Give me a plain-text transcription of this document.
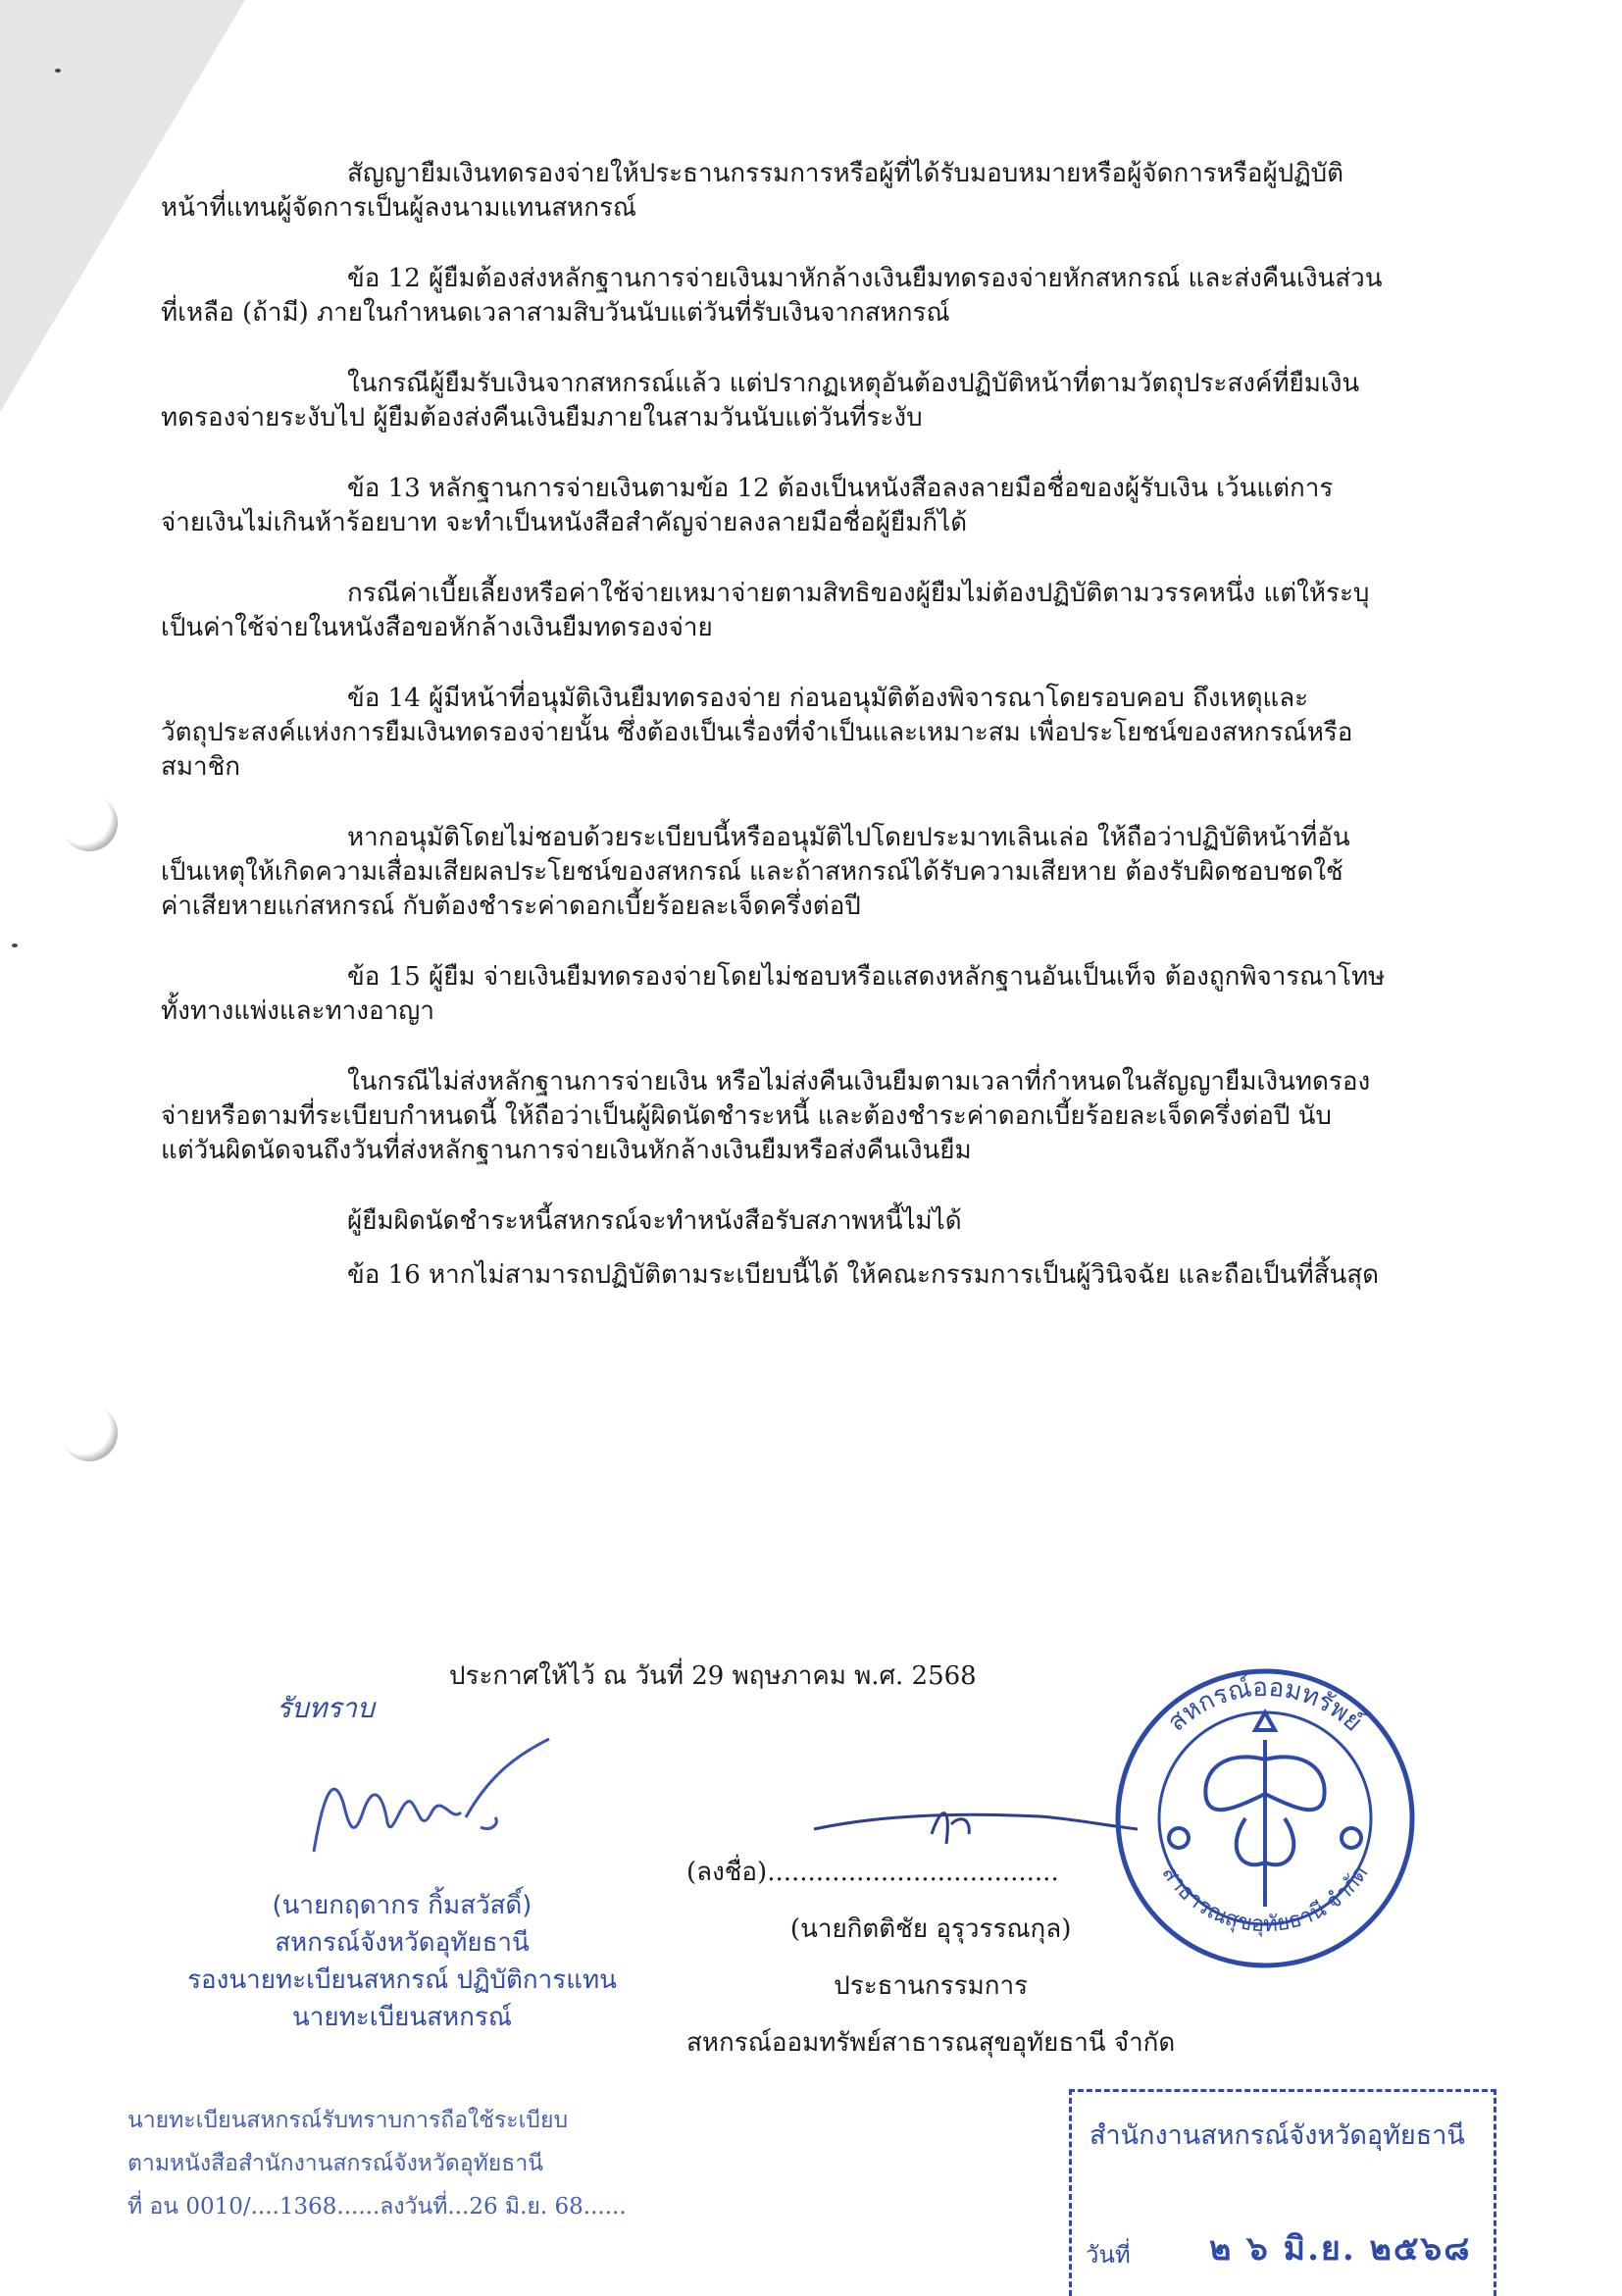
สัญญายืมเงินทดรองจ่ายให้ประธานกรรมการหรือผู้ที่ได้รับมอบหมายหรือผู้จัดการหรือผู้ปฏิบัติ
หน้าที่แทนผู้จัดการเป็นผู้ลงนามแทนสหกรณ์
ข้อ 12 ผู้ยืมต้องส่งหลักฐานการจ่ายเงินมาหักล้างเงินยืมทดรองจ่ายหักสหกรณ์ และส่งคืนเงินส่วน
ที่เหลือ (ถ้ามี) ภายในกำหนดเวลาสามสิบวันนับแต่วันที่รับเงินจากสหกรณ์
ในกรณีผู้ยืมรับเงินจากสหกรณ์แล้ว แต่ปรากฏเหตุอันต้องปฏิบัติหน้าที่ตามวัตถุประสงค์ที่ยืมเงิน
ทดรองจ่ายระงับไป ผู้ยืมต้องส่งคืนเงินยืมภายในสามวันนับแต่วันที่ระงับ
ข้อ 13 หลักฐานการจ่ายเงินตามข้อ 12 ต้องเป็นหนังสือลงลายมือชื่อของผู้รับเงิน เว้นแต่การ
จ่ายเงินไม่เกินห้าร้อยบาท จะทำเป็นหนังสือสำคัญจ่ายลงลายมือชื่อผู้ยืมก็ได้
กรณีค่าเบี้ยเลี้ยงหรือค่าใช้จ่ายเหมาจ่ายตามสิทธิของผู้ยืมไม่ต้องปฏิบัติตามวรรคหนึ่ง แต่ให้ระบุ
เป็นค่าใช้จ่ายในหนังสือขอหักล้างเงินยืมทดรองจ่าย
ข้อ 14 ผู้มีหน้าที่อนุมัติเงินยืมทดรองจ่าย ก่อนอนุมัติต้องพิจารณาโดยรอบคอบ ถึงเหตุและ
วัตถุประสงค์แห่งการยืมเงินทดรองจ่ายนั้น ซึ่งต้องเป็นเรื่องที่จำเป็นและเหมาะสม เพื่อประโยชน์ของสหกรณ์หรือ
สมาชิก
หากอนุมัติโดยไม่ชอบด้วยระเบียบนี้หรืออนุมัติไปโดยประมาทเลินเล่อ ให้ถือว่าปฏิบัติหน้าที่อัน
เป็นเหตุให้เกิดความเสื่อมเสียผลประโยชน์ของสหกรณ์ และถ้าสหกรณ์ได้รับความเสียหาย ต้องรับผิดชอบชดใช้
ค่าเสียหายแก่สหกรณ์ กับต้องชำระค่าดอกเบี้ยร้อยละเจ็ดครึ่งต่อปี
ข้อ 15 ผู้ยืม จ่ายเงินยืมทดรองจ่ายโดยไม่ชอบหรือแสดงหลักฐานอันเป็นเท็จ ต้องถูกพิจารณาโทษ
ทั้งทางแพ่งและทางอาญา
ในกรณีไม่ส่งหลักฐานการจ่ายเงิน หรือไม่ส่งคืนเงินยืมตามเวลาที่กำหนดในสัญญายืมเงินทดรอง
จ่ายหรือตามที่ระเบียบกำหนดนี้ ให้ถือว่าเป็นผู้ผิดนัดชำระหนี้ และต้องชำระค่าดอกเบี้ยร้อยละเจ็ดครึ่งต่อปี นับ
แต่วันผิดนัดจนถึงวันที่ส่งหลักฐานการจ่ายเงินหักล้างเงินยืมหรือส่งคืนเงินยืม
ผู้ยืมผิดนัดชำระหนี้สหกรณ์จะทำหนังสือรับสภาพหนี้ไม่ได้
ข้อ 16 หากไม่สามารถปฏิบัติตามระเบียบนี้ได้ ให้คณะกรรมการเป็นผู้วินิจฉัย และถือเป็นที่สิ้นสุด
ประกาศให้ไว้ ณ วันที่ 29 พฤษภาคม พ.ศ. 2568
รับทราบ
(นายกฤดากร กิ้มสวัสดิ์)
สหกรณ์จังหวัดอุทัยธานี
รองนายทะเบียนสหกรณ์ ปฏิบัติการแทน
นายทะเบียนสหกรณ์
(ลงชื่อ)....................................
(นายกิตติชัย อุรุวรรณกุล)
ประธานกรรมการ
สหกรณ์ออมทรัพย์สาธารณสุขอุทัยธานี จำกัด
นายทะเบียนสหกรณ์รับทราบการถือใช้ระเบียบ
ตามหนังสือสำนักงานสกรณ์จังหวัดอุทัยธานี
ที่ อน 0010/....1368......ลงวันที่...26 มิ.ย. 68......
สหกรณ์ออมทรัพย์
สาธารณสุขอุทัยธานี จำกัด
สำนักงานสหกรณ์จังหวัดอุทัยธานี
วันที่ ๒ ๖ มิ.ย. ๒๕๖๘
